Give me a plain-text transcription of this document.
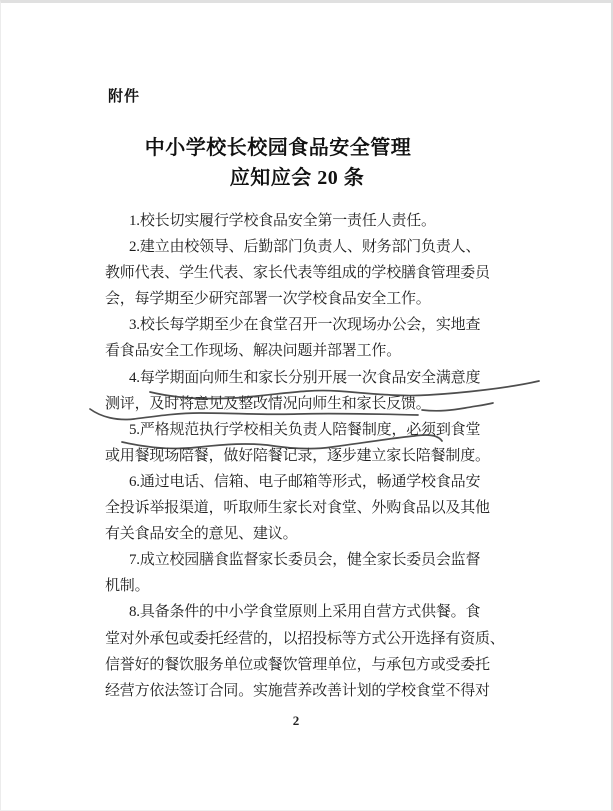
附件
中小学校长校园食品安全管理
应知应会 20 条
1.校长切实履行学校食品安全第一责任人责任。
2.建立由校领导、后勤部门负责人、财务部门负责人、
教师代表、学生代表、家长代表等组成的学校膳食管理委员
会，每学期至少研究部署一次学校食品安全工作。
3.校长每学期至少在食堂召开一次现场办公会，实地查
看食品安全工作现场、解决问题并部署工作。
4.每学期面向师生和家长分别开展一次食品安全满意度
测评，及时将意见及整改情况向师生和家长反馈。
5.严格规范执行学校相关负责人陪餐制度，必须到食堂
或用餐现场陪餐，做好陪餐记录，逐步建立家长陪餐制度。
6.通过电话、信箱、电子邮箱等形式，畅通学校食品安
全投诉举报渠道，听取师生家长对食堂、外购食品以及其他
有关食品安全的意见、建议。
7.成立校园膳食监督家长委员会，健全家长委员会监督
机制。
8.具备条件的中小学食堂原则上采用自营方式供餐。食
堂对外承包或委托经营的，以招投标等方式公开选择有资质、
信誉好的餐饮服务单位或餐饮管理单位，与承包方或受委托
经营方依法签订合同。实施营养改善计划的学校食堂不得对
2
